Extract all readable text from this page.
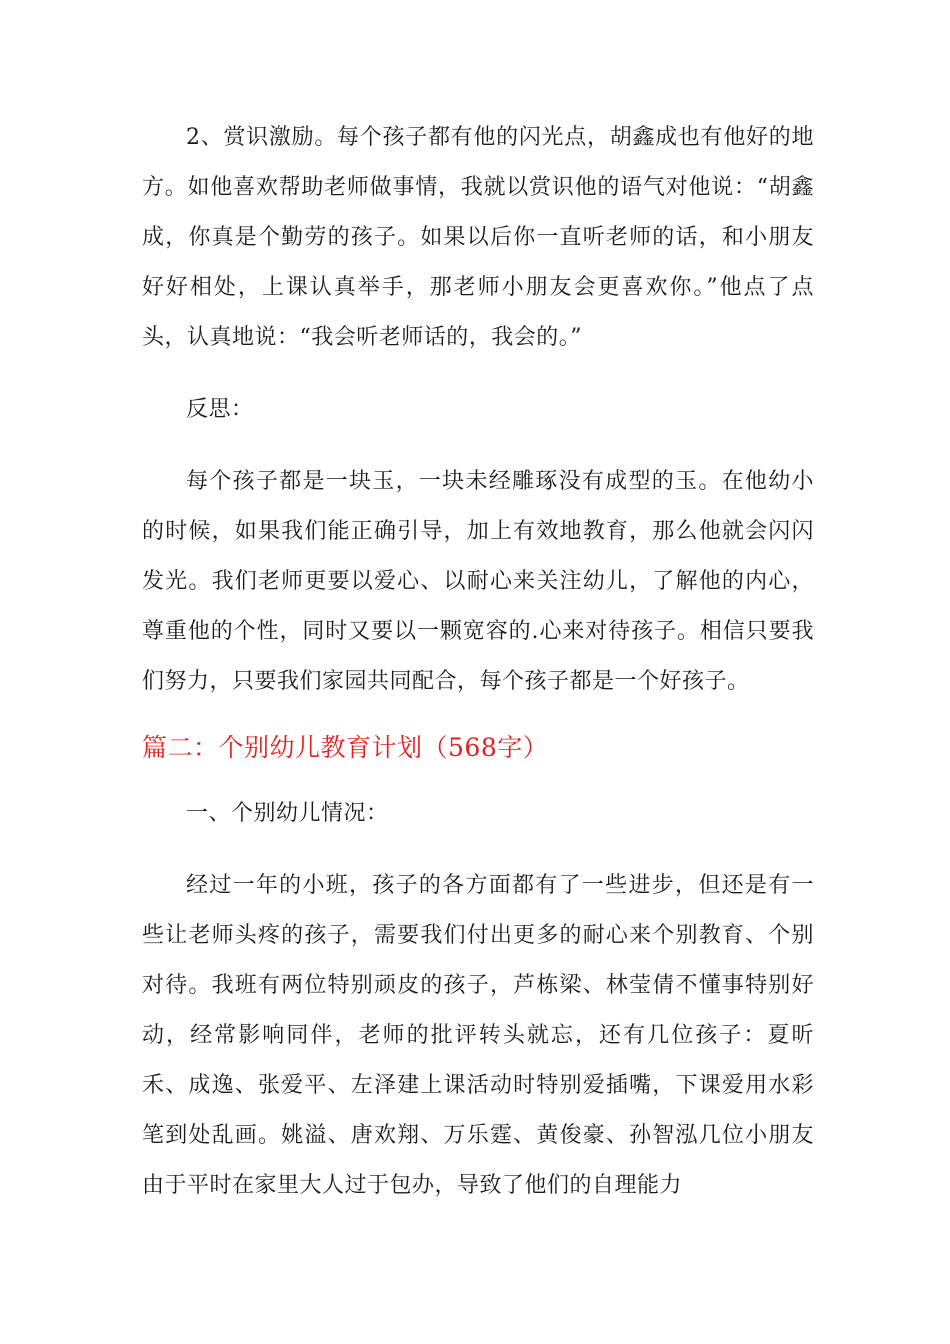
2、赏识激励。每个孩子都有他的闪光点，胡鑫成也有他好的地方。如他喜欢帮助老师做事情，我就以赏识他的语气对他说：“胡鑫成，你真是个勤劳的孩子。如果以后你一直听老师的话，和小朋友好好相处，上课认真举手，那老师小朋友会更喜欢你。”他点了点头，认真地说：“我会听老师话的，我会的。”

反思：

每个孩子都是一块玉，一块未经雕琢没有成型的玉。在他幼小的时候，如果我们能正确引导，加上有效地教育，那么他就会闪闪发光。我们老师更要以爱心、以耐心来关注幼儿，了解他的内心，尊重他的个性，同时又要以一颗宽容的.心来对待孩子。相信只要我们努力，只要我们家园共同配合，每个孩子都是一个好孩子。

篇二：个别幼儿教育计划（568字）

一、个别幼儿情况：

经过一年的小班，孩子的各方面都有了一些进步，但还是有一些让老师头疼的孩子，需要我们付出更多的耐心来个别教育、个别对待。我班有两位特别顽皮的孩子，芦栋梁、林莹倩不懂事特别好动，经常影响同伴，老师的批评转头就忘，还有几位孩子：夏昕禾、成逸、张爱平、左泽建上课活动时特别爱插嘴，下课爱用水彩笔到处乱画。姚溢、唐欢翔、万乐霆、黄俊豪、孙智泓几位小朋友由于平时在家里大人过于包办，导致了他们的自理能力
